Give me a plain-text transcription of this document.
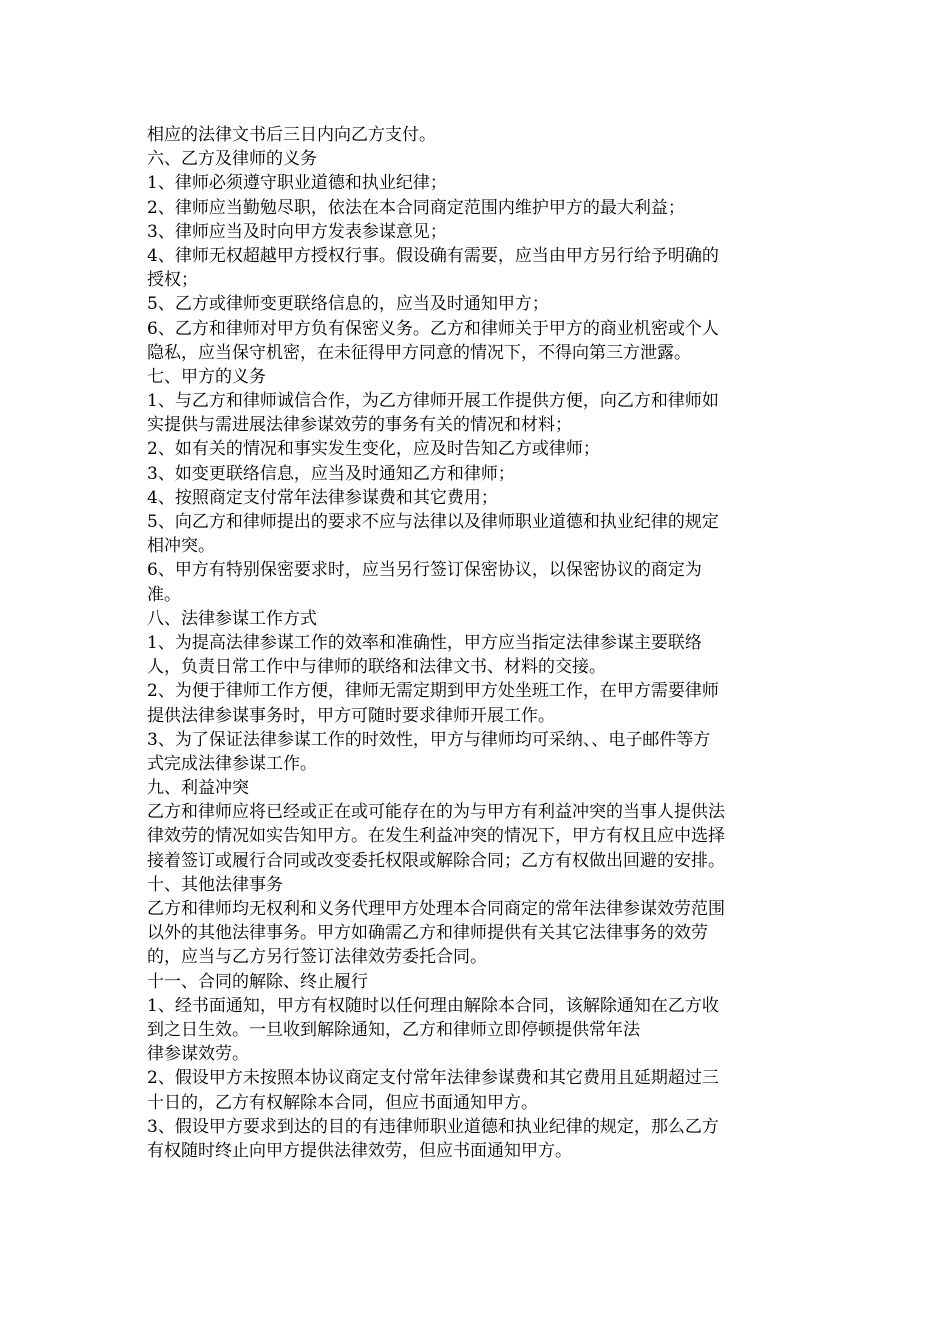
相应的法律文书后三日内向乙方支付。
六、乙方及律师的义务
1、律师必须遵守职业道德和执业纪律；
2、律师应当勤勉尽职，依法在本合同商定范围内维护甲方的最大利益；
3、律师应当及时向甲方发表参谋意见；
4、律师无权超越甲方授权行事。假设确有需要，应当由甲方另行给予明确的
授权；
5、乙方或律师变更联络信息的，应当及时通知甲方；
6、乙方和律师对甲方负有保密义务。乙方和律师关于甲方的商业机密或个人
隐私，应当保守机密，在未征得甲方同意的情况下，不得向第三方泄露。
七、甲方的义务
1、与乙方和律师诚信合作，为乙方律师开展工作提供方便，向乙方和律师如
实提供与需进展法律参谋效劳的事务有关的情况和材料；
2、如有关的情况和事实发生变化，应及时告知乙方或律师；
3、如变更联络信息，应当及时通知乙方和律师；
4、按照商定支付常年法律参谋费和其它费用；
5、向乙方和律师提出的要求不应与法律以及律师职业道德和执业纪律的规定
相冲突。
6、甲方有特别保密要求时，应当另行签订保密协议，以保密协议的商定为
准。
八、法律参谋工作方式
1、为提高法律参谋工作的效率和准确性，甲方应当指定法律参谋主要联络
人，负责日常工作中与律师的联络和法律文书、材料的交接。
2、为便于律师工作方便，律师无需定期到甲方处坐班工作，在甲方需要律师
提供法律参谋事务时，甲方可随时要求律师开展工作。
3、为了保证法律参谋工作的时效性，甲方与律师均可采纳、、电子邮件等方
式完成法律参谋工作。
九、利益冲突
乙方和律师应将已经或正在或可能存在的为与甲方有利益冲突的当事人提供法
律效劳的情况如实告知甲方。在发生利益冲突的情况下，甲方有权且应中选择
接着签订或履行合同或改变委托权限或解除合同；乙方有权做出回避的安排。
十、其他法律事务
乙方和律师均无权利和义务代理甲方处理本合同商定的常年法律参谋效劳范围
以外的其他法律事务。甲方如确需乙方和律师提供有关其它法律事务的效劳
的，应当与乙方另行签订法律效劳委托合同。
十一、合同的解除、终止履行
1、经书面通知，甲方有权随时以任何理由解除本合同，该解除通知在乙方收
到之日生效。一旦收到解除通知，乙方和律师立即停顿提供常年法
律参谋效劳。
2、假设甲方未按照本协议商定支付常年法律参谋费和其它费用且延期超过三
十日的，乙方有权解除本合同，但应书面通知甲方。
3、假设甲方要求到达的目的有违律师职业道德和执业纪律的规定，那么乙方
有权随时终止向甲方提供法律效劳，但应书面通知甲方。
